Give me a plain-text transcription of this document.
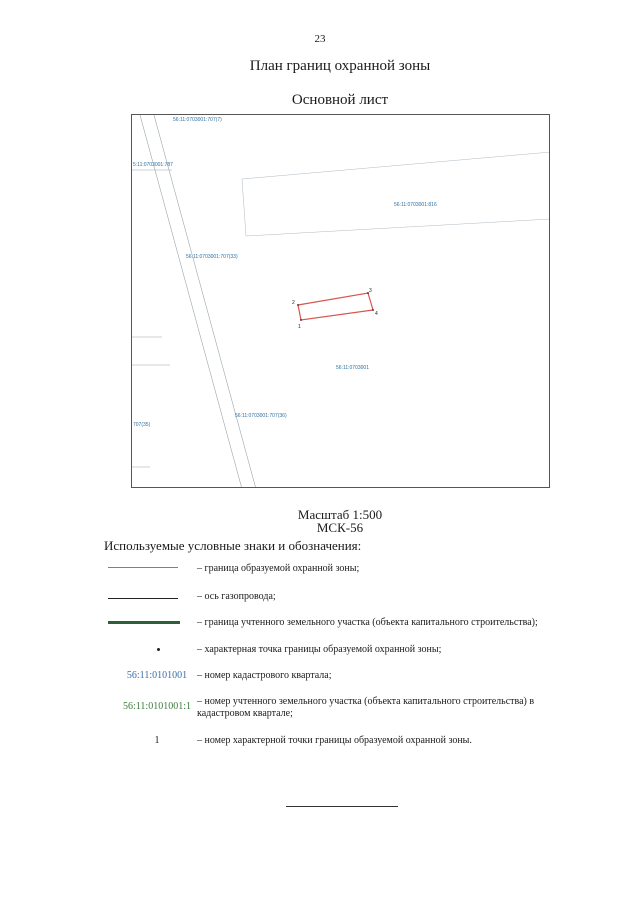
23
План границ охранной зоны
Основной лист
56:11:0703001:707(7)
5:11:0703001:787
56:11:0703001:816
56:11:0703001:707(33)
56:11:0703001
56:11:0703001:707(36)
707(35)
1
2
3
4
Масштаб 1:500
МСК-56
Используемые условные знаки и обозначения:
– граница образуемой охранной зоны;
– ось газопровода;
– граница учтенного земельного участка (объекта капитального строительства);
– характерная точка границы образуемой охранной зоны;
56:11:0101001 – номер кадастрового квартала;
56:11:0101001:1 – номер учтенного земельного участка (объекта капитального строительства) в кадастровом квартале;
1	– номер характерной точки границы образуемой охранной зоны.
